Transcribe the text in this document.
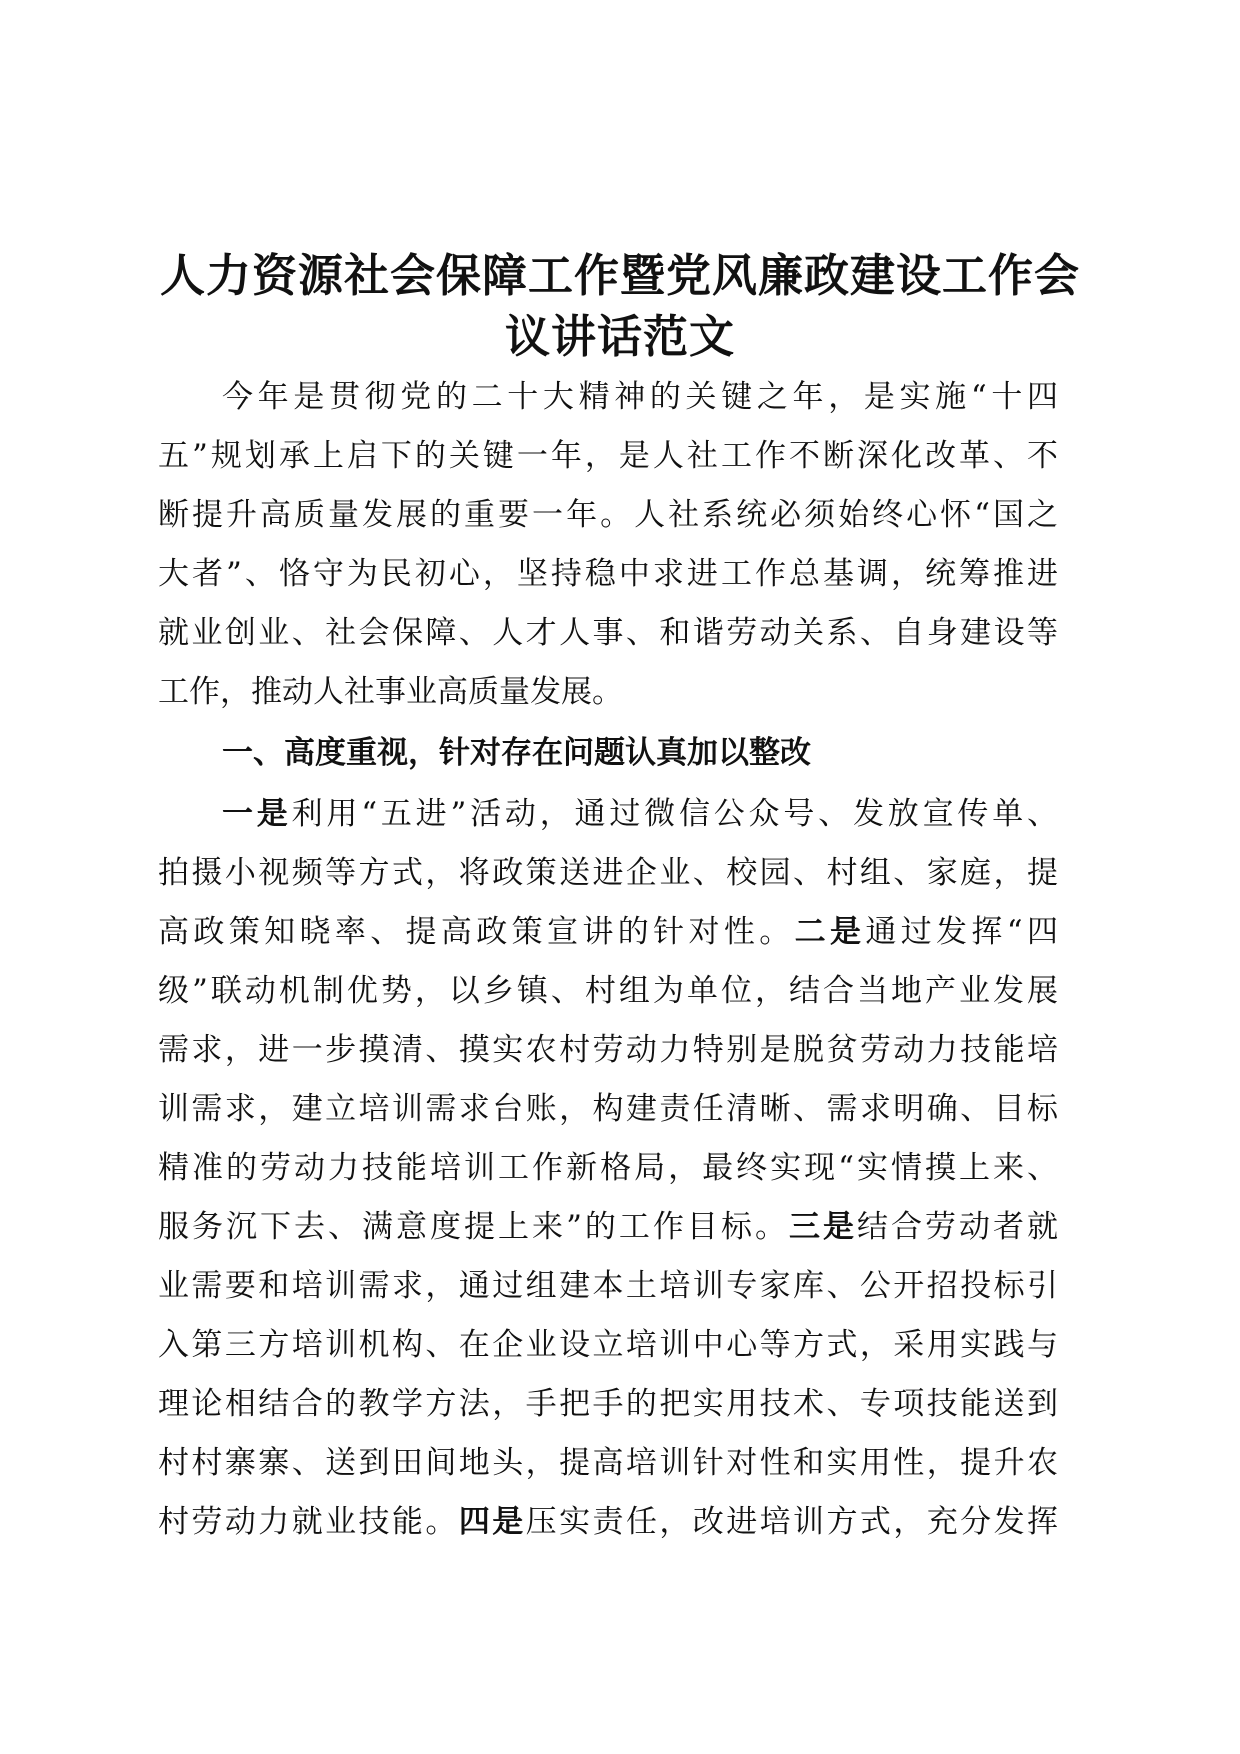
人力资源社会保障工作暨党风廉政建设工作会
议讲话范文
今年是贯彻党的二十大精神的关键之年，是实施“十四
五”规划承上启下的关键一年，是人社工作不断深化改革、不
断提升高质量发展的重要一年。人社系统必须始终心怀“国之
大者”、恪守为民初心，坚持稳中求进工作总基调，统筹推进
就业创业、社会保障、人才人事、和谐劳动关系、自身建设等
工作，推动人社事业高质量发展。
一、高度重视，针对存在问题认真加以整改
一是利用“五进”活动，通过微信公众号、发放宣传单、
拍摄小视频等方式，将政策送进企业、校园、村组、家庭，提
高政策知晓率、提高政策宣讲的针对性。二是通过发挥“四
级”联动机制优势，以乡镇、村组为单位，结合当地产业发展
需求，进一步摸清、摸实农村劳动力特别是脱贫劳动力技能培
训需求，建立培训需求台账，构建责任清晰、需求明确、目标
精准的劳动力技能培训工作新格局，最终实现“实情摸上来、
服务沉下去、满意度提上来”的工作目标。三是结合劳动者就
业需要和培训需求，通过组建本土培训专家库、公开招投标引
入第三方培训机构、在企业设立培训中心等方式，采用实践与
理论相结合的教学方法，手把手的把实用技术、专项技能送到
村村寨寨、送到田间地头，提高培训针对性和实用性，提升农
村劳动力就业技能。四是压实责任，改进培训方式，充分发挥
